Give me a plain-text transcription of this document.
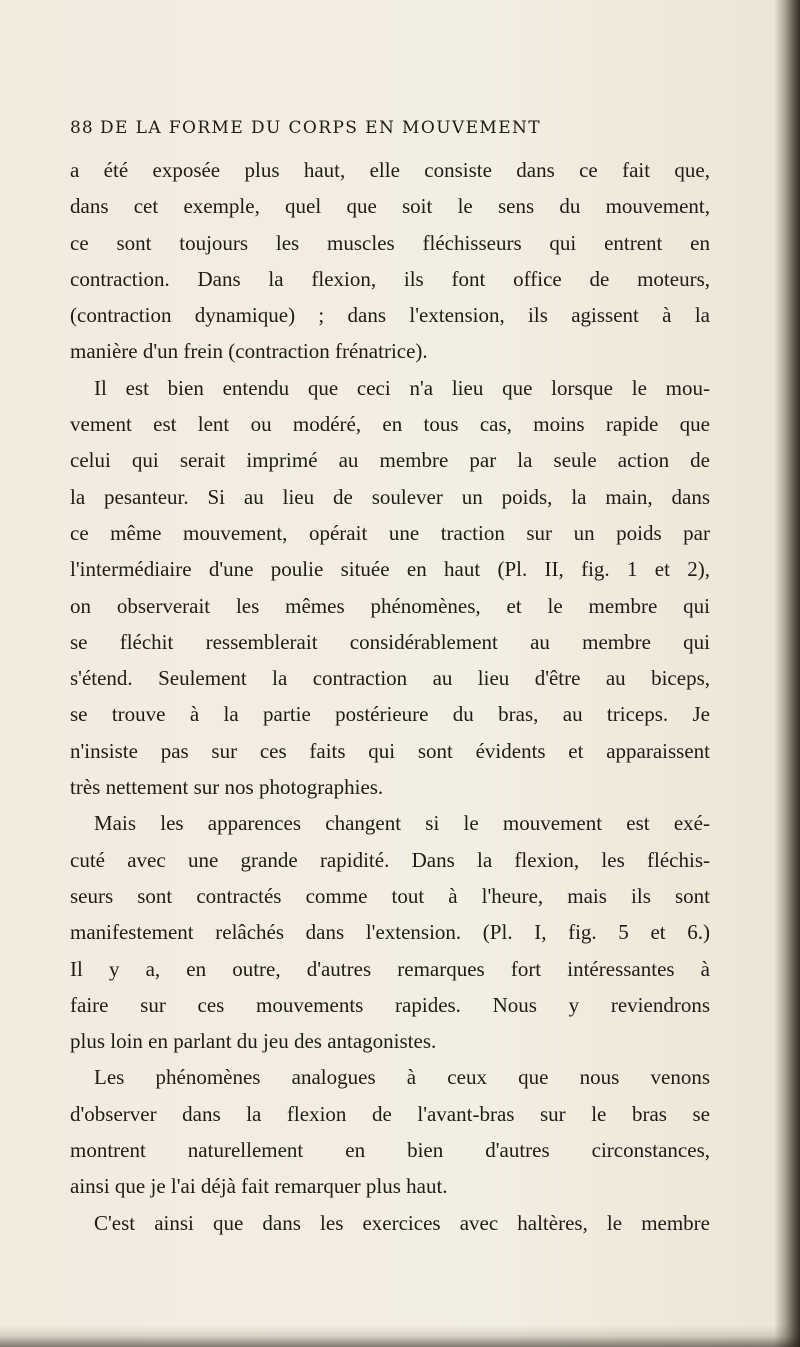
88 DE LA FORME DU CORPS EN MOUVEMENT
a été exposée plus haut, elle consiste dans ce fait que,
dans cet exemple, quel que soit le sens du mouvement,
ce sont toujours les muscles fléchisseurs qui entrent en
contraction. Dans la flexion, ils font office de moteurs,
(contraction dynamique) ; dans l'extension, ils agissent à la
manière d'un frein (contraction frénatrice).
Il est bien entendu que ceci n'a lieu que lorsque le mou-
vement est lent ou modéré, en tous cas, moins rapide que
celui qui serait imprimé au membre par la seule action de
la pesanteur. Si au lieu de soulever un poids, la main, dans
ce même mouvement, opérait une traction sur un poids par
l'intermédiaire d'une poulie située en haut (Pl. II, fig. 1 et 2),
on observerait les mêmes phénomènes, et le membre qui
se fléchit ressemblerait considérablement au membre qui
s'étend. Seulement la contraction au lieu d'être au biceps,
se trouve à la partie postérieure du bras, au triceps. Je
n'insiste pas sur ces faits qui sont évidents et apparaissent
très nettement sur nos photographies.
Mais les apparences changent si le mouvement est exé-
cuté avec une grande rapidité. Dans la flexion, les fléchis-
seurs sont contractés comme tout à l'heure, mais ils sont
manifestement relâchés dans l'extension. (Pl. I, fig. 5 et 6.)
Il y a, en outre, d'autres remarques fort intéressantes à
faire sur ces mouvements rapides. Nous y reviendrons
plus loin en parlant du jeu des antagonistes.
Les phénomènes analogues à ceux que nous venons
d'observer dans la flexion de l'avant-bras sur le bras se
montrent naturellement en bien d'autres circonstances,
ainsi que je l'ai déjà fait remarquer plus haut.
C'est ainsi que dans les exercices avec haltères, le membre
